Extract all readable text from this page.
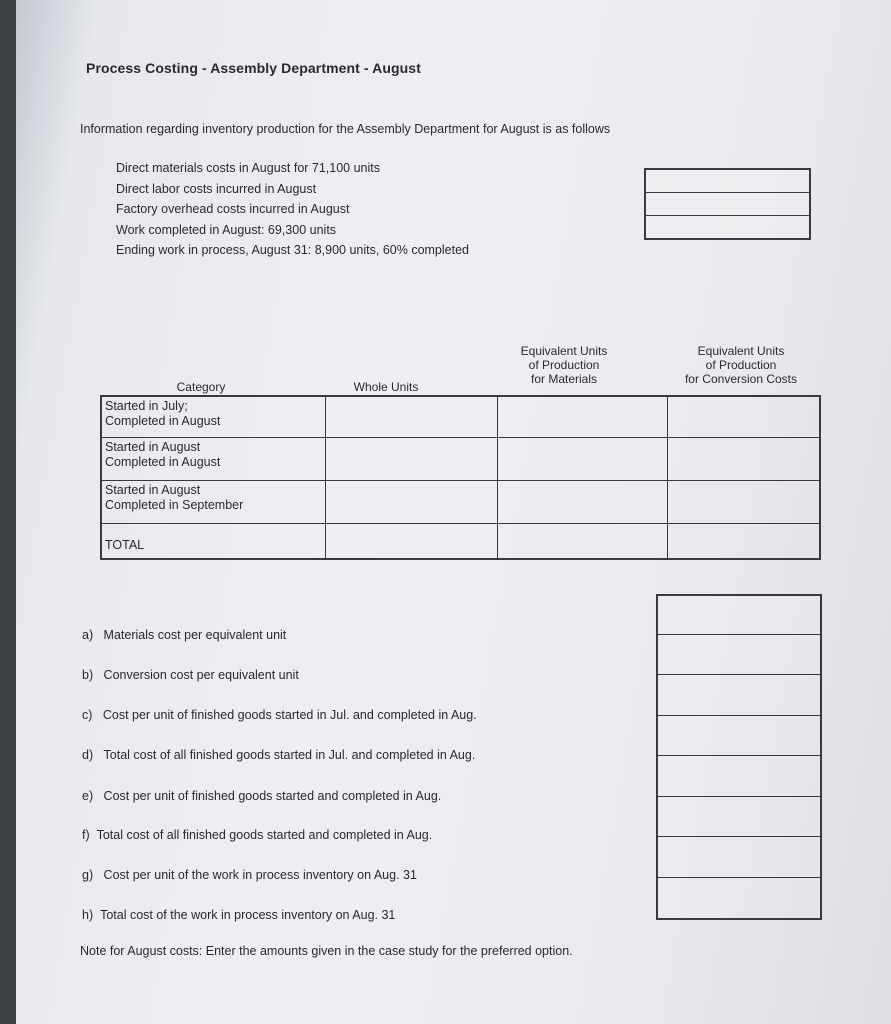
Process Costing - Assembly Department - August
Information regarding inventory production for the Assembly Department for August is as follows
Direct materials costs in August for 71,100 units
Direct labor costs incurred in August
Factory overhead costs incurred in August
Work completed in August: 69,300 units
Ending work in process, August 31: 8,900 units, 60% completed
Category	Whole Units
Equivalent Units
of Production
for Materials
Equivalent Units
of Production
for Conversion Costs
Started in July;
Completed in August
Started in August
Completed in August
Started in August
Completed in September
TOTAL
a) Materials cost per equivalent unit
b) Conversion cost per equivalent unit
c) Cost per unit of finished goods started in Jul. and completed in Aug.
d) Total cost of all finished goods started in Jul. and completed in Aug.
e) Cost per unit of finished goods started and completed in Aug.
f) Total cost of all finished goods started and completed in Aug.
g) Cost per unit of the work in process inventory on Aug. 31
h) Total cost of the work in process inventory on Aug. 31
Note for August costs: Enter the amounts given in the case study for the preferred option.
